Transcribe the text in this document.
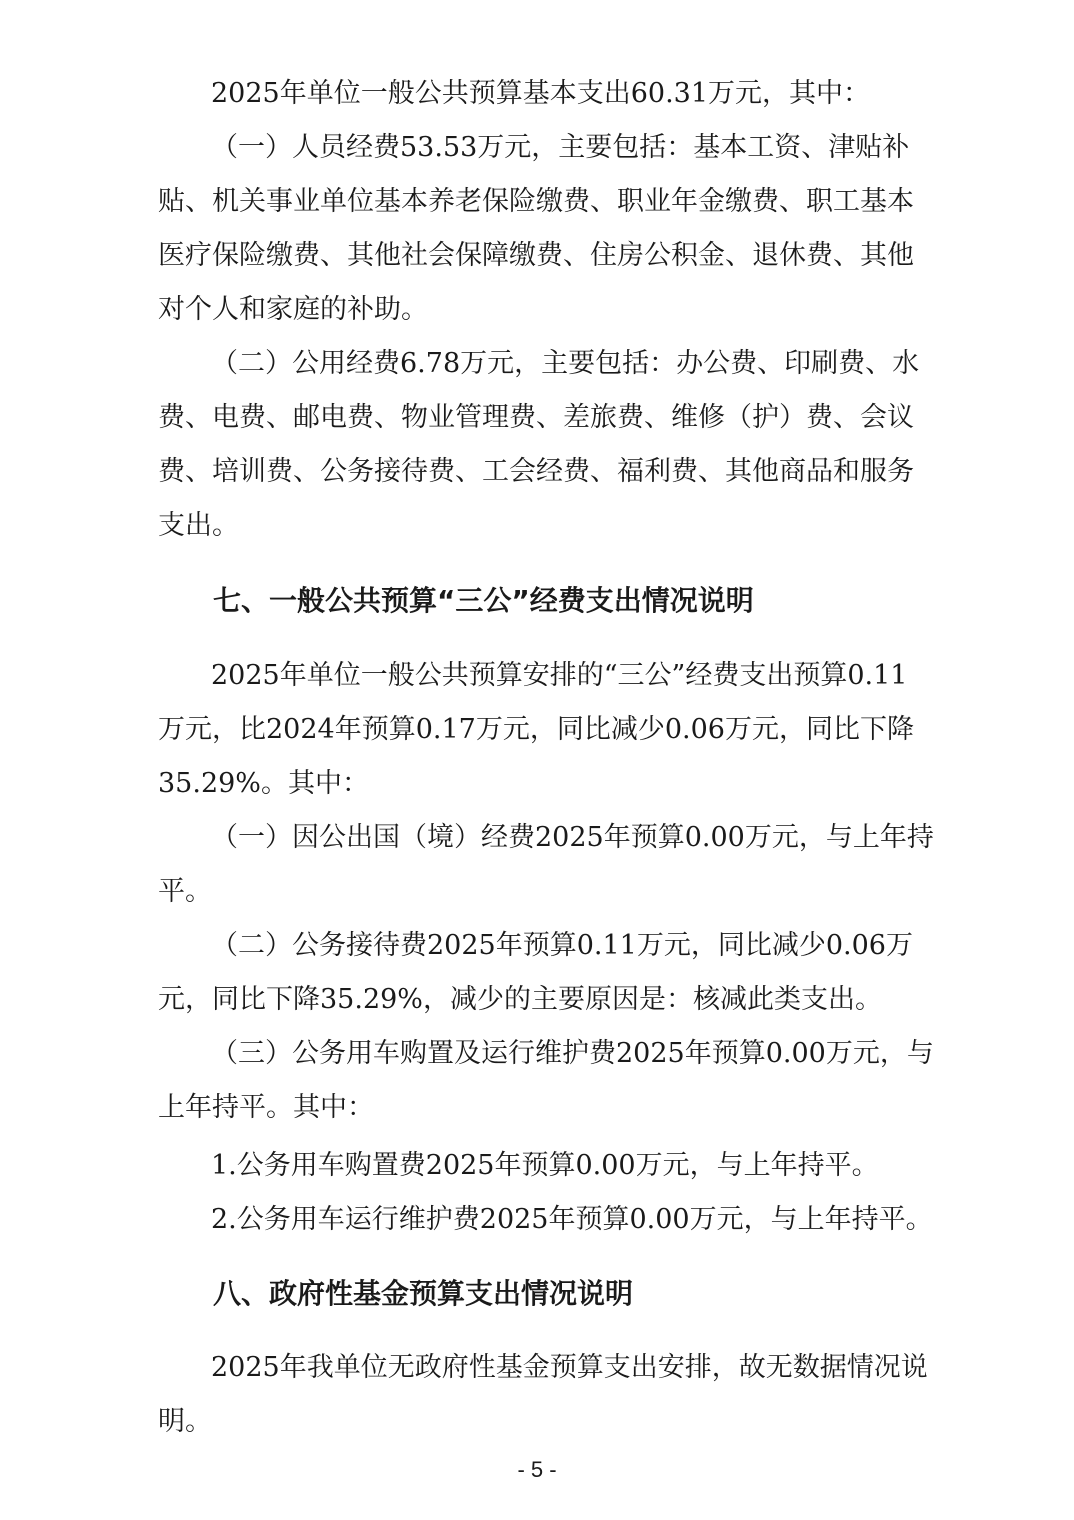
2025年单位一般公共预算基本支出60.31万元，其中：
（一）人员经费53.53万元，主要包括：基本工资、津贴补
贴、机关事业单位基本养老保险缴费、职业年金缴费、职工基本
医疗保险缴费、其他社会保障缴费、住房公积金、退休费、其他
对个人和家庭的补助。
（二）公用经费6.78万元，主要包括：办公费、印刷费、水
费、电费、邮电费、物业管理费、差旅费、维修（护）费、会议
费、培训费、公务接待费、工会经费、福利费、其他商品和服务
支出。
七、一般公共预算“三公”经费支出情况说明
2025年单位一般公共预算安排的“三公”经费支出预算0.11
万元，比2024年预算0.17万元，同比减少0.06万元，同比下降
35.29%。其中：
（一）因公出国（境）经费2025年预算0.00万元，与上年持
平。
（二）公务接待费2025年预算0.11万元，同比减少0.06万
元，同比下降35.29%，减少的主要原因是：核减此类支出。
（三）公务用车购置及运行维护费2025年预算0.00万元，与
上年持平。其中：
1.公务用车购置费2025年预算0.00万元，与上年持平。
2.公务用车运行维护费2025年预算0.00万元，与上年持平。
八、政府性基金预算支出情况说明
2025年我单位无政府性基金预算支出安排，故无数据情况说
明。
- 5 -
